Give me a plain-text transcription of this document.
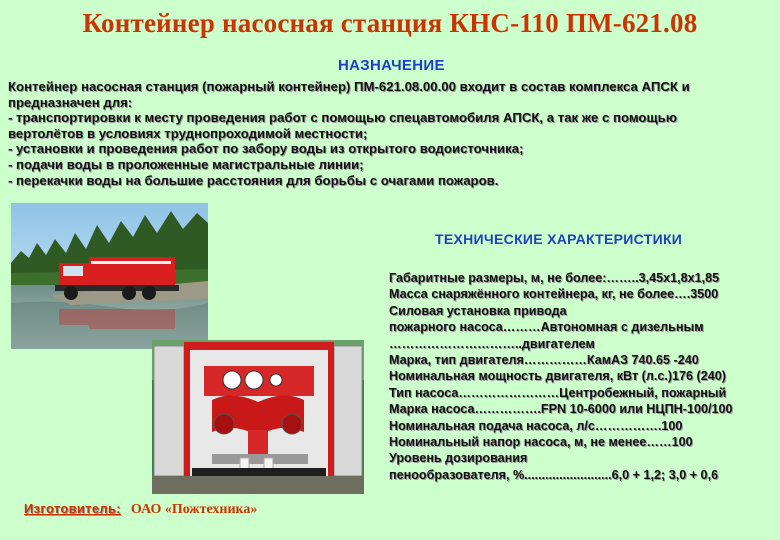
Контейнер насосная станция КНС-110 ПМ-621.08
НАЗНАЧЕНИЕ
Контейнер насосная станция (пожарный контейнер) ПМ-621.08.00.00 входит в состав комплекса АПСК и
предназначен для:
- транспортировки к месту проведения работ с помощью спецавтомобиля АПСК, а так же с помощью
вертолётов в условиях труднопроходимой местности;
- установки и проведения работ по забору воды из открытого водоисточника;
- подачи воды в проложенные магистральные линии;
- перекачки воды на большие расстояния для борьбы с очагами пожаров.
ТЕХНИЧЕСКИЕ ХАРАКТЕРИСТИКИ
Габаритные размеры, м, не более:……..3,45х1,8х1,85
Масса снаряжённого контейнера, кг, не более….3500
Силовая установка привода
пожарного насоса………Автономная с дизельным
…………………………..двигателем
Марка, тип двигателя……………КамАЗ 740.65 -240
Номинальная мощность двигателя, кВт (л.с.)176 (240)
Тип насоса……………………Центробежный, пожарный
Марка насоса…………….FPN 10-6000 или НЦПН-100/100
Номинальная подача насоса, л/с…………….100
Номинальный напор насоса, м, не менее……100
Уровень дозирования
пенообразователя, %.........................6,0 + 1,2; 3,0 + 0,6
Изготовитель: ОАО «Пожтехника»
